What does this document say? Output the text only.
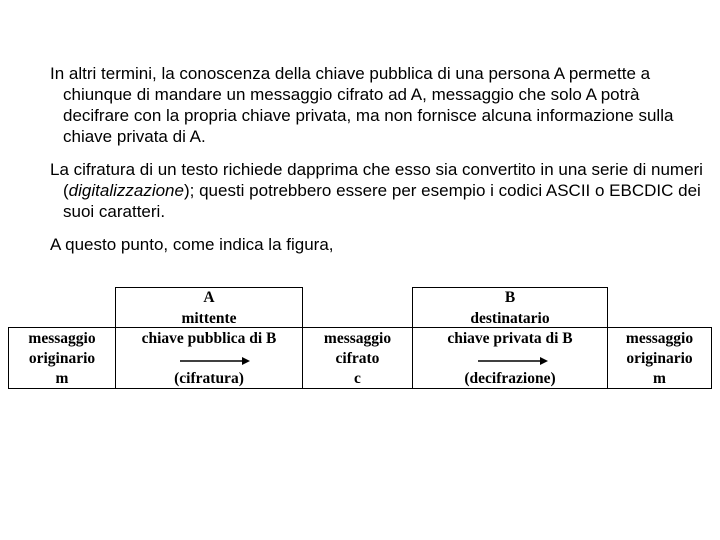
In altri termini, la conoscenza della chiave pubblica di una persona A permette a chiunque di mandare un messaggio cifrato ad A, messaggio che solo A potrà decifrare con la propria chiave privata, ma non fornisce alcuna informazione sulla chiave privata di A.

La cifratura di un testo richiede dapprima che esso sia convertito in una serie di numeri (digitalizzazione); questi potrebbero essere per esempio i codici ASCII o EBCDIC dei suoi caratteri.

A questo punto, come indica la figura,

A
mittente
B
destinatario
messaggio
originario
m
chiave pubblica di B
(cifratura)
messaggio
cifrato
c
chiave privata di B
(decifrazione)
messaggio
originario
m
